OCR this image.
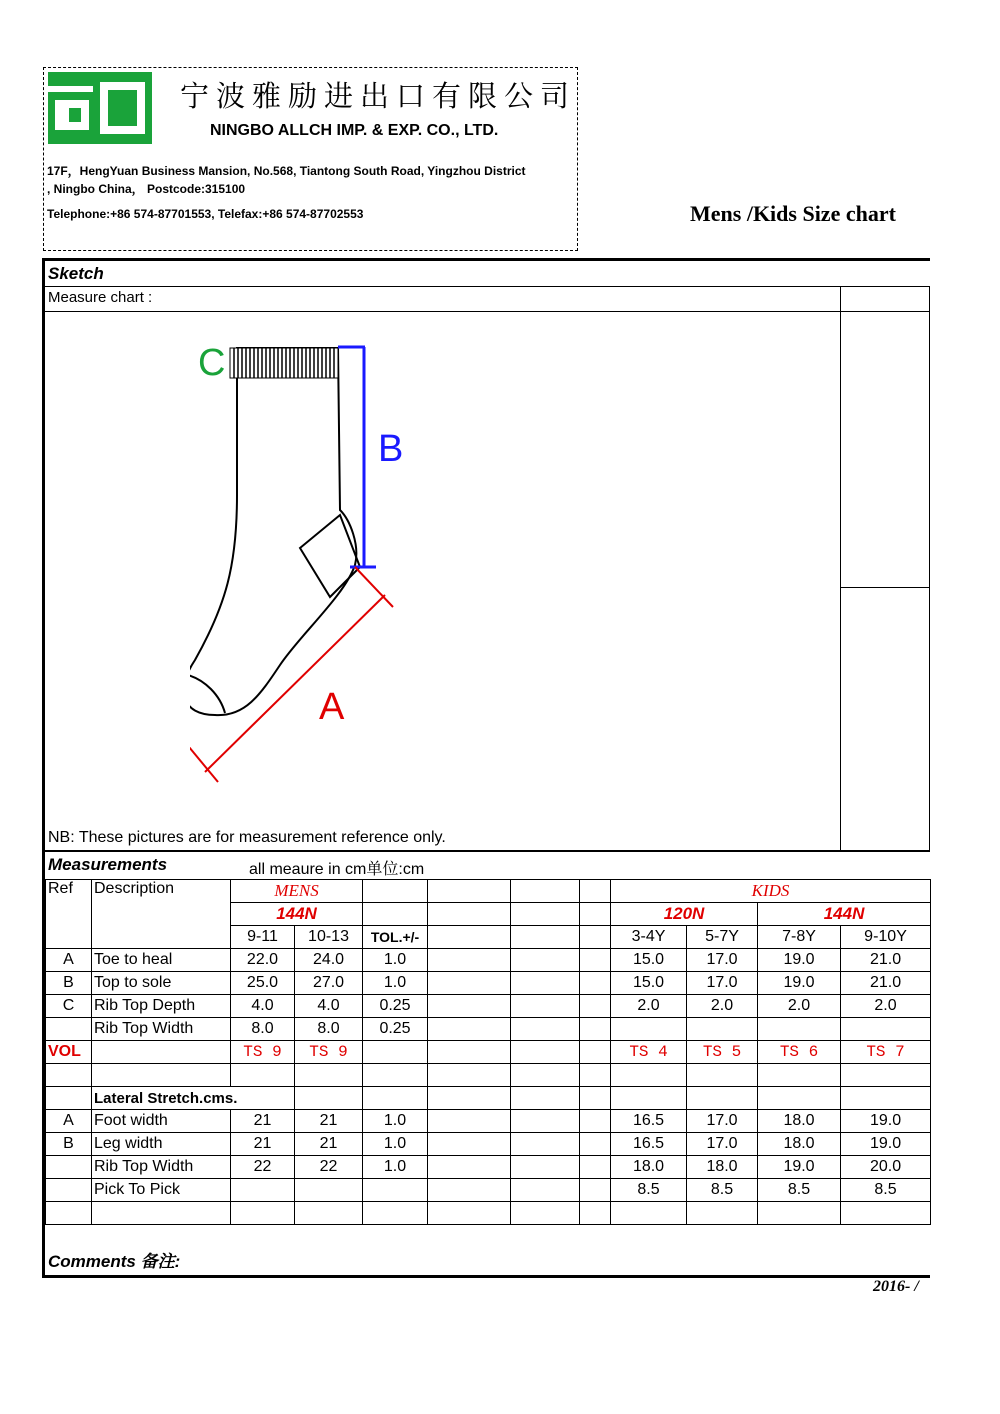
宁波雅励进出口有限公司
NINGBO ALLCH IMP. & EXP. CO., LTD.
17F，HengYuan Business Mansion, No.568, Tiantong South Road, Yingzhou District
, Ningbo China， Postcode:315100
Telephone:+86 574-87701553, Telefax:+86 574-87702553	Mens /Kids Size chart
Sketch
Measure chart :
C
B
A
NB: These pictures are for measurement reference only.
Measurements	all meaure in cm单位:cm
Ref	Description	MENS						KIDS			
		144N						120N		144N	
		9-11	10-13	TOL.+/-				3-4Y	5-7Y	7-8Y	9-10Y
A	Toe to heal	22.0	24.0	1.0				15.0	17.0	19.0	21.0
B	Top to sole	25.0	27.0	1.0				15.0	17.0	19.0	21.0
C	Rib Top Depth	4.0	4.0	0.25				2.0	2.0	2.0	2.0
	Rib Top Width	8.0	8.0	0.25							
VOL		TS 9	TS 9					TS 4	TS 5	TS 6	TS 7

	Lateral Stretch.cms.										
A	Foot width	21	21	1.0				16.5	17.0	18.0	19.0
B	Leg width	21	21	1.0				16.5	17.0	18.0	19.0
	Rib Top Width	22	22	1.0				18.0	18.0	19.0	20.0
	Pick To Pick							8.5	8.5	8.5	8.5

Comments 备注:
2016- /
